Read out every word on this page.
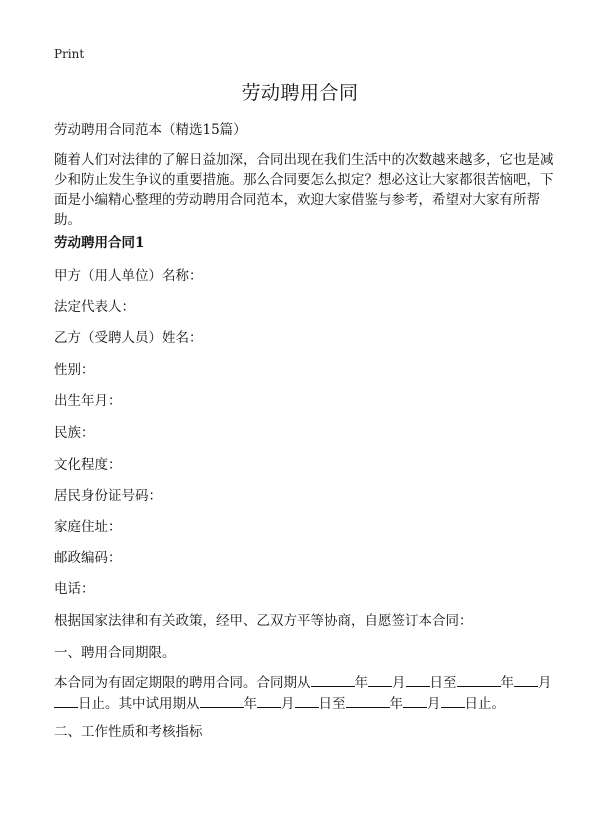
Print
劳动聘用合同
劳动聘用合同范本（精选15篇）
随着人们对法律的了解日益加深，合同出现在我们生活中的次数越来越多，它也是减少和防止发生争议的重要措施。那么合同要怎么拟定？想必这让大家都很苦恼吧，下面是小编精心整理的劳动聘用合同范本，欢迎大家借鉴与参考，希望对大家有所帮助。
劳动聘用合同1
甲方（用人单位）名称：
法定代表人：
乙方（受聘人员）姓名：
性别：
出生年月：
民族：
文化程度：
居民身份证号码：
家庭住址：
邮政编码：
电话：
根据国家法律和有关政策，经甲、乙双方平等协商，自愿签订本合同：
一、聘用合同期限。
本合同为有固定期限的聘用合同。合同期从	年 月 日至	年 月日止。其中试用期从	年 月 日至	年 月 日止。
二、工作性质和考核指标
